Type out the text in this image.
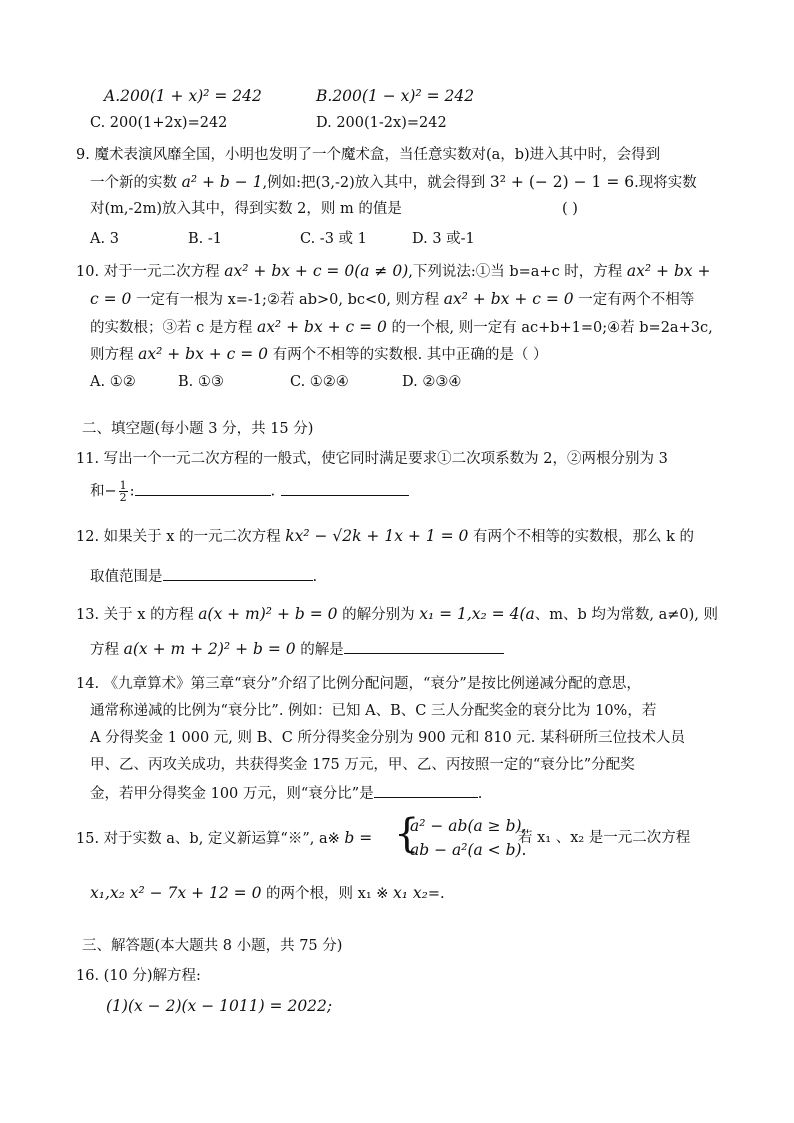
A.200(1 + x)² = 242	B.200(1 − x)² = 242
C. 200(1+2x)=242	D. 200(1-2x)=242
9. 魔术表演风靡全国，小明也发明了一个魔术盒，当任意实数对(a，b)进入其中时，会得到
一个新的实数 a² + b − 1,例如:把(3,-2)放入其中，就会得到 3² + (− 2) − 1 = 6.现将实数
对(m,-2m)放入其中，得到实数 2，则 m 的值是	( )
A. 3	B. -1	C. -3 或 1	D. 3 或-1
10. 对于一元二次方程 ax² + bx + c = 0(a ≠ 0),下列说法:①当 b=a+c 时，方程 ax² + bx +
c = 0 一定有一根为 x=-1;②若 ab>0, bc<0, 则方程 ax² + bx + c = 0 一定有两个不相等
的实数根；③若 c 是方程 ax² + bx + c = 0 的一个根, 则一定有 ac+b+1=0;④若 b=2a+3c,
则方程 ax² + bx + c = 0 有两个不相等的实数根. 其中正确的是（ ）
A. ①②	B. ①③	C. ①②④	D. ②③④
二、填空题(每小题 3 分，共 15 分)
11. 写出一个一元二次方程的一般式，使它同时满足要求①二次项系数为 2，②两根分别为 3
和− $\frac{1}{2}$ :	.
12. 如果关于 x 的一元二次方程 kx² − √2k + 1x + 1 = 0 有两个不相等的实数根，那么 k 的
取值范围是	.
13. 关于 x 的方程 a(x + m)² + b = 0 的解分别为 x₁ = 1,x₂ = 4(a、m、b 均为常数, a≠0), 则
方程 a(x + m + 2)² + b = 0 的解是
14. 《九章算术》第三章“衰分”介绍了比例分配问题，“衰分”是按比例递减分配的意思，
通常称递减的比例为“衰分比”. 例如：已知 A、B、C 三人分配奖金的衰分比为 10%，若
A 分得奖金 1 000 元, 则 B、C 所分得奖金分别为 900 元和 810 元. 某科研所三位技术人员
甲、乙、丙攻关成功，共获得奖金 175 万元，甲、乙、丙按照一定的“衰分比”分配奖
金，若甲分得奖金 100 万元，则“衰分比”是	.
15. 对于实数 a、b, 定义新运算“※”, a※ b = {
a² − ab(a ≥ b),
ab − a²(a < b).
若 x₁ 、x₂ 是一元二次方程
x₁,x₂ x² − 7x + 12 = 0 的两个根，则 x₁ ※ x₁ x₂=.
三、解答题(本大题共 8 小题，共 75 分)
16. (10 分)解方程:
(1)(x − 2)(x − 1011) = 2022;
